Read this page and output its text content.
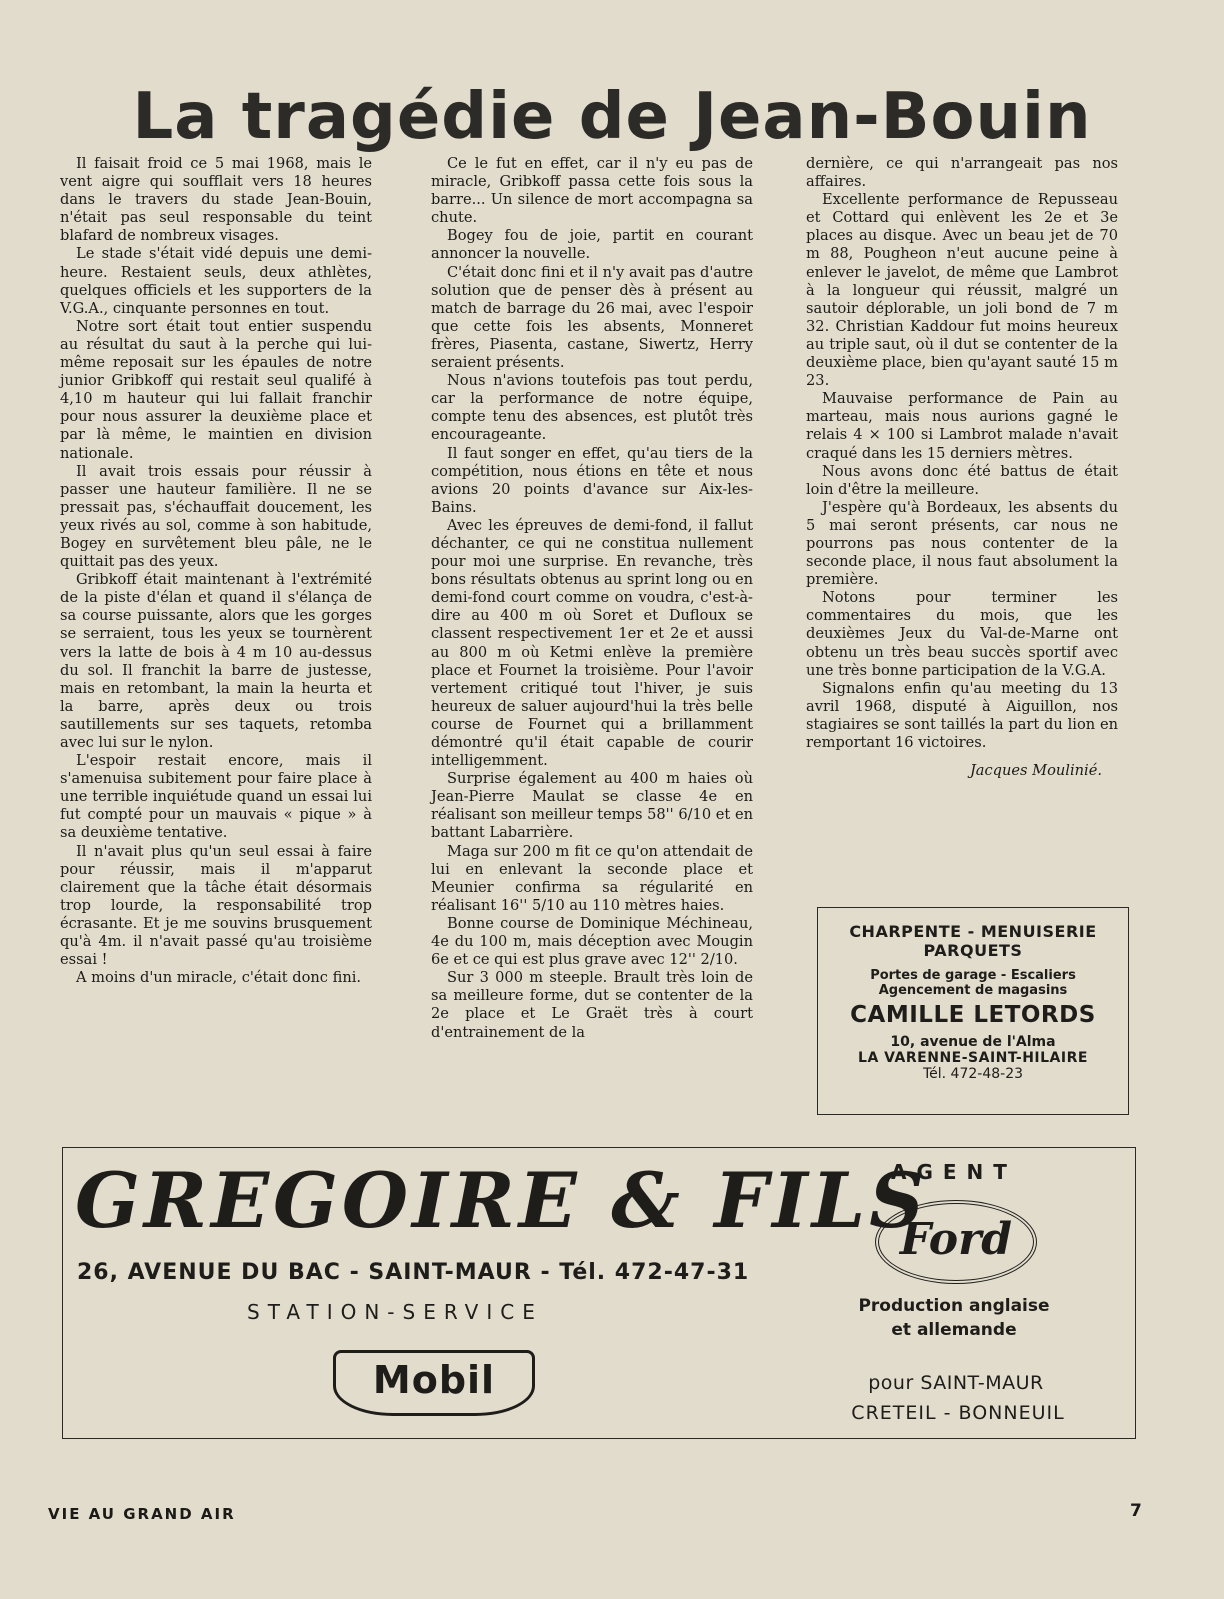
La tragédie de Jean-Bouin

Il faisait froid ce 5 mai 1968, mais le vent aigre qui soufflait vers 18 heures dans le travers du stade Jean-Bouin, n'était pas seul responsable du teint blafard de nombreux visages.

Le stade s'était vidé depuis une demi-heure. Restaient seuls, deux athlètes, quelques officiels et les supporters de la V.G.A., cinquante personnes en tout.

Notre sort était tout entier suspendu au résultat du saut à la perche qui lui-même reposait sur les épaules de notre junior Gribkoff qui restait seul qualifé à 4,10 m hauteur qui lui fallait franchir pour nous assurer la deuxième place et par là même, le maintien en division nationale.

Il avait trois essais pour réussir à passer une hauteur familière. Il ne se pressait pas, s'échauffait doucement, les yeux rivés au sol, comme à son habitude, Bogey en survêtement bleu pâle, ne le quittait pas des yeux.

Gribkoff était maintenant à l'extrémité de la piste d'élan et quand il s'élança de sa course puissante, alors que les gorges se serraient, tous les yeux se tournèrent vers la latte de bois à 4 m 10 au-dessus du sol. Il franchit la barre de justesse, mais en retombant, la main la heurta et la barre, après deux ou trois sautillements sur ses taquets, retomba avec lui sur le nylon.

L'espoir restait encore, mais il s'amenuisa subitement pour faire place à une terrible inquiétude quand un essai lui fut compté pour un mauvais « pique » à sa deuxième tentative.

Il n'avait plus qu'un seul essai à faire pour réussir, mais il m'apparut clairement que la tâche était désormais trop lourde, la responsabilité trop écrasante. Et je me souvins brusquement qu'à 4m. il n'avait passé qu'au troisième essai !

A moins d'un miracle, c'était donc fini.

Ce le fut en effet, car il n'y eu pas de miracle, Gribkoff passa cette fois sous la barre... Un silence de mort accompagna sa chute.

Bogey fou de joie, partit en courant annoncer la nouvelle.

C'était donc fini et il n'y avait pas d'autre solution que de penser dès à présent au match de barrage du 26 mai, avec l'espoir que cette fois les absents, Monneret frères, Piasenta, castane, Siwertz, Herry seraient présents.

Nous n'avions toutefois pas tout perdu, car la performance de notre équipe, compte tenu des absences, est plutôt très encourageante.

Il faut songer en effet, qu'au tiers de la compétition, nous étions en tête et nous avions 20 points d'avance sur Aix-les-Bains.

Avec les épreuves de demi-fond, il fallut déchanter, ce qui ne constitua nullement pour moi une surprise. En revanche, très bons résultats obtenus au sprint long ou en demi-fond court comme on voudra, c'est-à-dire au 400 m où Soret et Dufloux se classent respectivement 1er et 2e et aussi au 800 m où Ketmi enlève la première place et Fournet la troisième. Pour l'avoir vertement critiqué tout l'hiver, je suis heureux de saluer aujourd'hui la très belle course de Fournet qui a brillamment démontré qu'il était capable de courir intelligemment.

Surprise également au 400 m haies où Jean-Pierre Maulat se classe 4e en réalisant son meilleur temps 58'' 6/10 et en battant Labarrière.

Maga sur 200 m fit ce qu'on attendait de lui en enlevant la seconde place et Meunier confirma sa régularité en réalisant 16'' 5/10 au 110 mètres haies.

Bonne course de Dominique Méchineau, 4e du 100 m, mais déception avec Mougin 6e et ce qui est plus grave avec 12'' 2/10.

Sur 3 000 m steeple. Brault très loin de sa meilleure forme, dut se contenter de la 2e place et Le Graët très à court d'entrainement de la

dernière, ce qui n'arrangeait pas nos affaires.

Excellente performance de Repusseau et Cottard qui enlèvent les 2e et 3e places au disque. Avec un beau jet de 70 m 88, Pougheon n'eut aucune peine à enlever le javelot, de même que Lambrot à la longueur qui réussit, malgré un sautoir déplorable, un joli bond de 7 m 32. Christian Kaddour fut moins heureux au triple saut, où il dut se contenter de la deuxième place, bien qu'ayant sauté 15 m 23.

Mauvaise performance de Pain au marteau, mais nous aurions gagné le relais 4 × 100 si Lambrot malade n'avait craqué dans les 15 derniers mètres.

Nous avons donc été battus de était loin d'être la meilleure.

J'espère qu'à Bordeaux, les absents du 5 mai seront présents, car nous ne pourrons pas nous contenter de la seconde place, il nous faut absolument la première.

Notons pour terminer les commentaires du mois, que les deuxièmes Jeux du Val-de-Marne ont obtenu un très beau succès sportif avec une très bonne participation de la V.G.A.

Signalons enfin qu'au meeting du 13 avril 1968, disputé à Aiguillon, nos stagiaires se sont taillés la part du lion en remportant 16 victoires.

Jacques Moulinié.

CHARPENTE - MENUISERIE
PARQUETS
Portes de garage - Escaliers
Agencement de magasins
CAMILLE LETORDS
10, avenue de l'Alma
LA VARENNE-SAINT-HILAIRE
Tél. 472-48-23
GREGOIRE & FILS
26, AVENUE DU BAC - SAINT-MAUR - Tél. 472-47-31
STATION-SERVICE
Mobil
AGENT
Ford
Production anglaise
et allemande
pour SAINT-MAUR
CRETEIL - BONNEUIL
VIE AU GRAND AIR	7
